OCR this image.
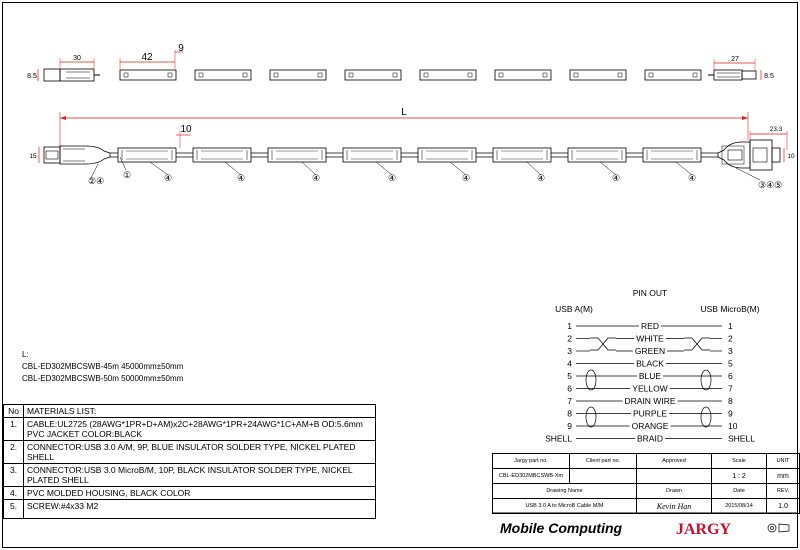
30
8.5
42
9
27
8.5
L
15
10	23.3
10
②④
①	④	④	④	④	④	④	④	④
③④⑤
PIN OUT
USB A(M)	USB MicroB(M)
1	RED	1
2	WHITE	2
3	GREEN	3
4	BLACK	5
5	BLUE	6
6	YELLOW	7
7	DRAIN WIRE	8
8	PURPLE	9
9	ORANGE	10
SHELL	BRAID	SHELL
Mobile Computing	JARGY
L:
CBL-ED302MBCSWB-45m 45000mm±50mm
CBL-ED302MBCSWB-50m 50000mm±50mm
No	MATERIALS LIST:
1.	CABLE:UL2725 (28AWG*1PR+D+AM)x2C+28AWG*1PR+24AWG*1C+AM+B OD:5.6mm PVC JACKET COLOR:BLACK
2.	CONNECTOR:USB 3.0 A/M, 9P, BLUE INSULATOR SOLDER TYPE, NICKEL PLATED SHELL
3.	CONNECTOR:USB 3.0 MicroB/M, 10P, BLACK INSULATOR SOLDER TYPE, NICKEL PLATED SHELL
4.	PVC MOLDED HOUSING, BLACK COLOR
5.	SCREW:#4x33 M2
Jargy part no.	Client part no.	Approved	Scale	UNIT
CBL-ED302MBCSWB-Xm			1 : 2	mm
Drawing Name		Drawn	Date	REV.
USB 3.0 A to MicroB Cable M/M		Kevin Han	2015/08/14	1.0
